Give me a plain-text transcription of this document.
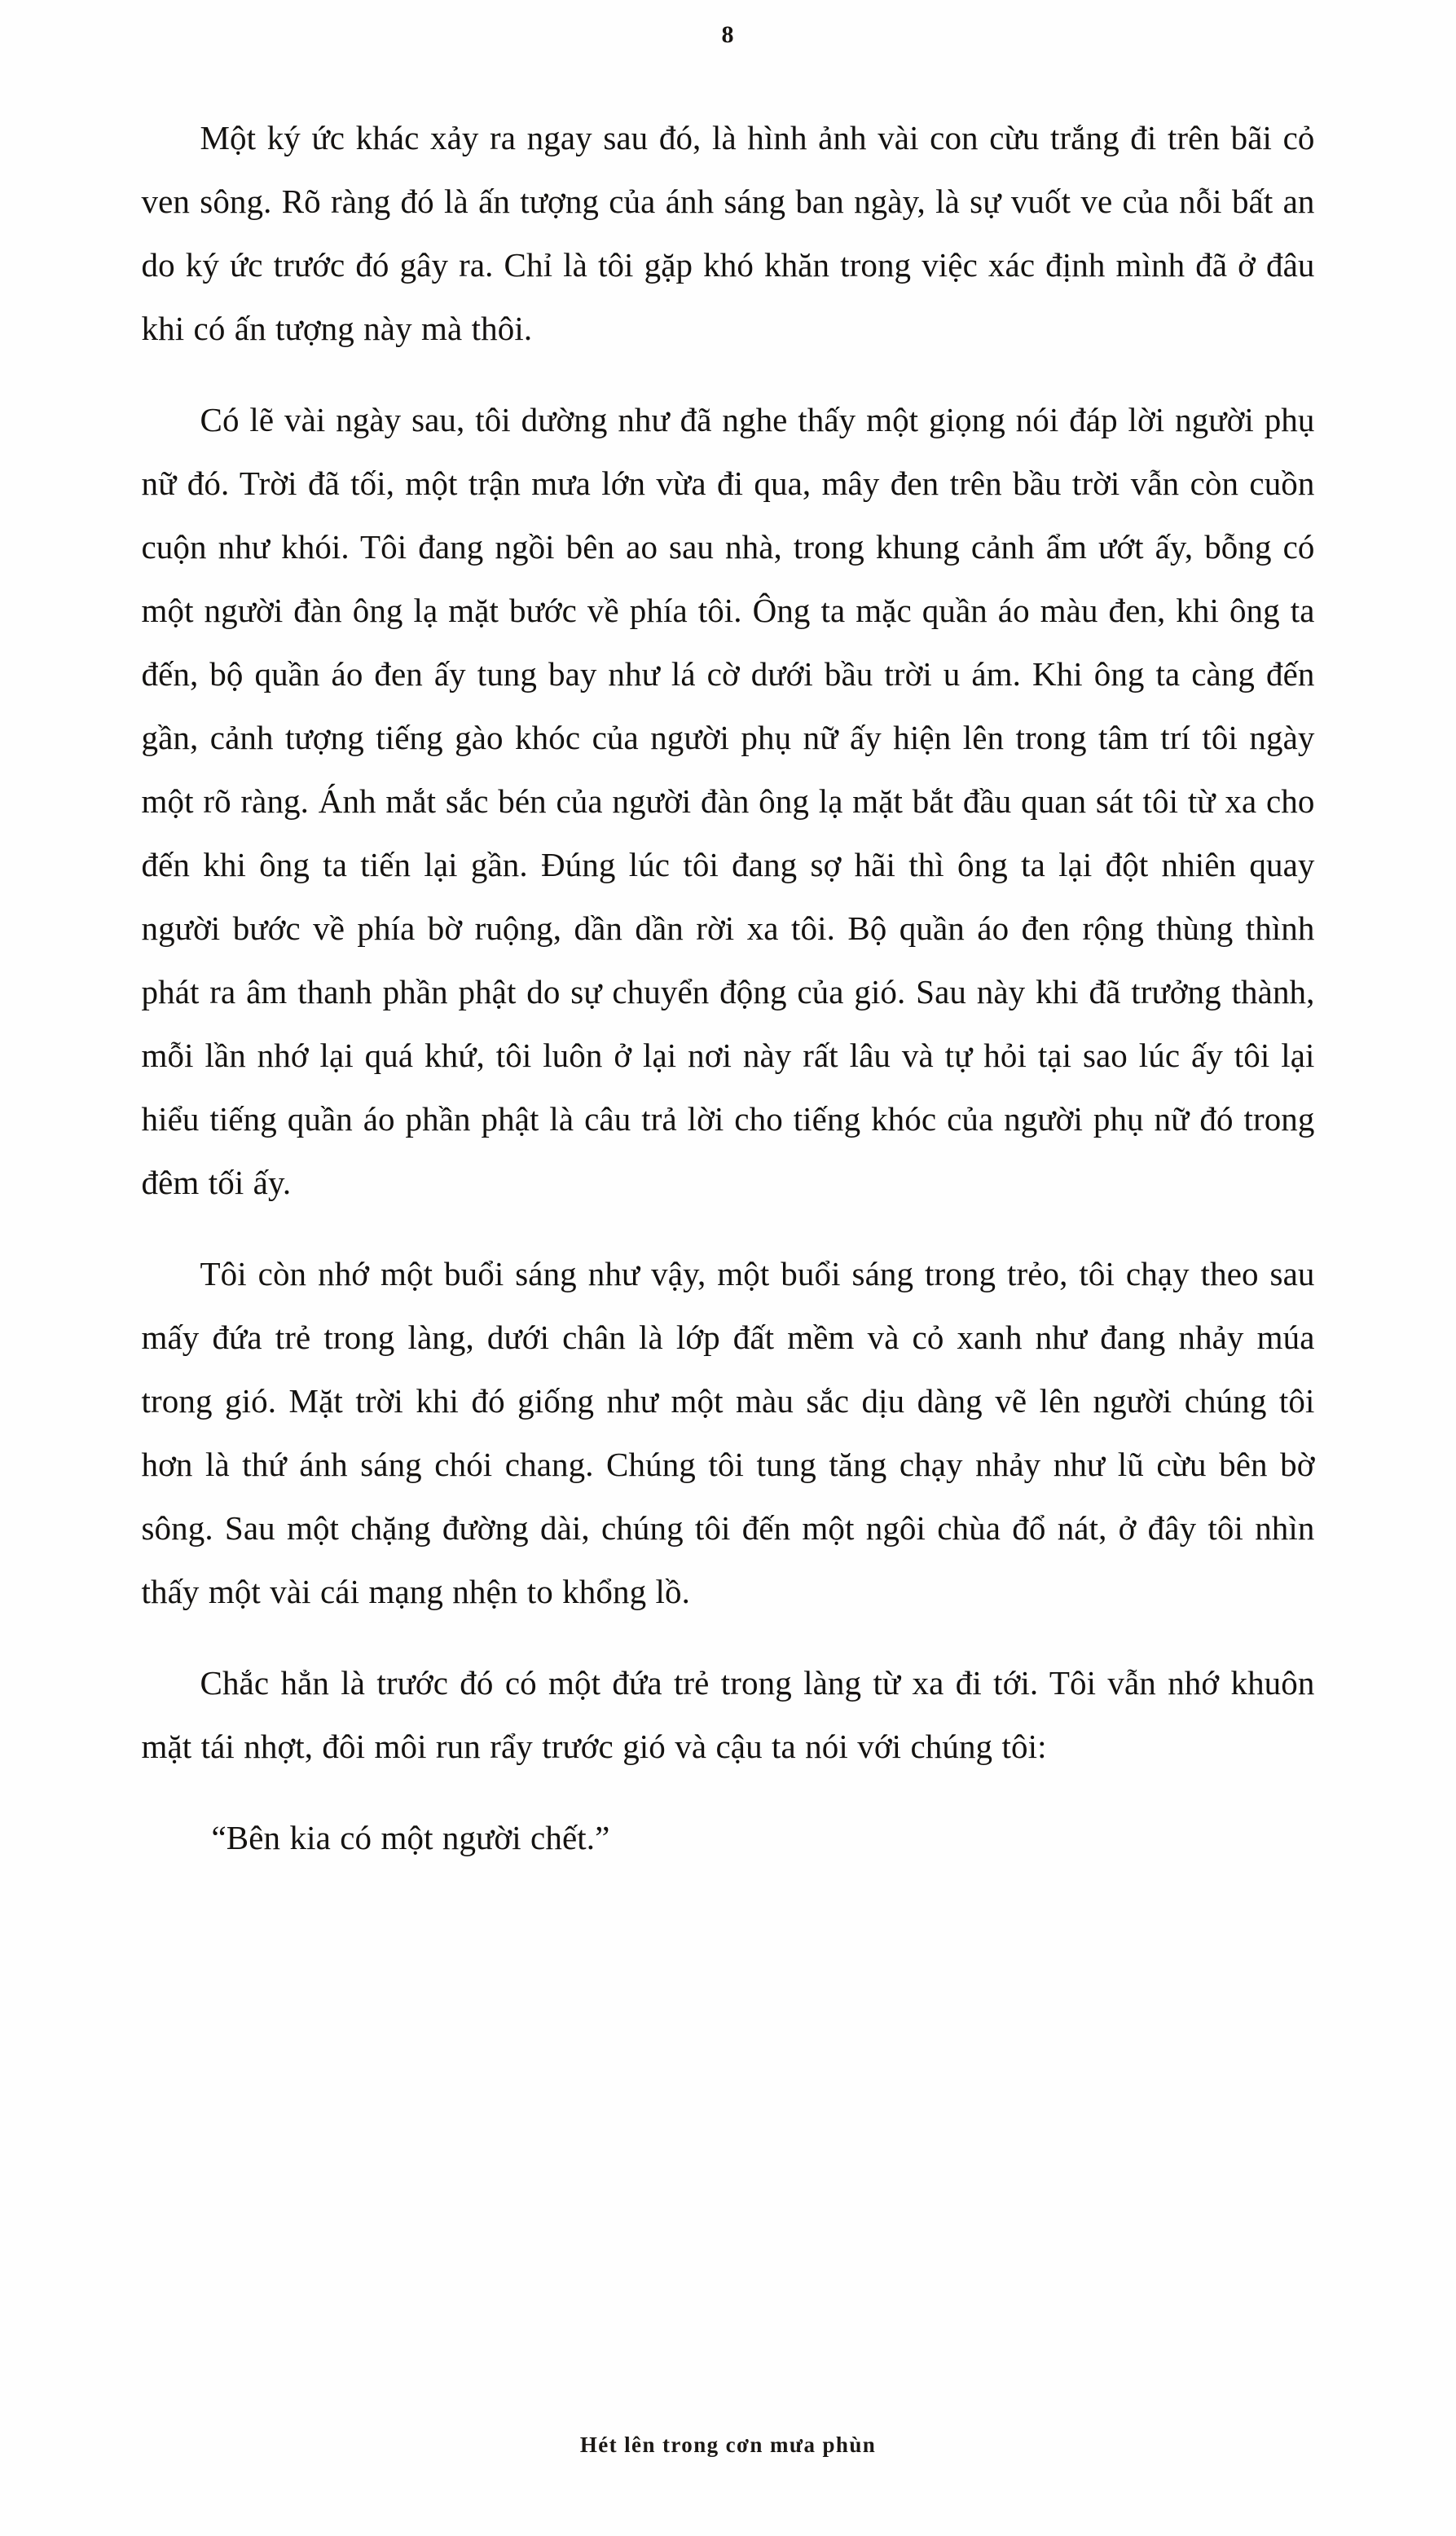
8

Một ký ức khác xảy ra ngay sau đó, là hình ảnh vài con cừu trắng đi trên bãi cỏ ven sông. Rõ ràng đó là ấn tượng của ánh sáng ban ngày, là sự vuốt ve của nỗi bất an do ký ức trước đó gây ra. Chỉ là tôi gặp khó khăn trong việc xác định mình đã ở đâu khi có ấn tượng này mà thôi.

Có lẽ vài ngày sau, tôi dường như đã nghe thấy một giọng nói đáp lời người phụ nữ đó. Trời đã tối, một trận mưa lớn vừa đi qua, mây đen trên bầu trời vẫn còn cuồn cuộn như khói. Tôi đang ngồi bên ao sau nhà, trong khung cảnh ẩm ướt ấy, bỗng có một người đàn ông lạ mặt bước về phía tôi. Ông ta mặc quần áo màu đen, khi ông ta đến, bộ quần áo đen ấy tung bay như lá cờ dưới bầu trời u ám. Khi ông ta càng đến gần, cảnh tượng tiếng gào khóc của người phụ nữ ấy hiện lên trong tâm trí tôi ngày một rõ ràng. Ánh mắt sắc bén của người đàn ông lạ mặt bắt đầu quan sát tôi từ xa cho đến khi ông ta tiến lại gần. Đúng lúc tôi đang sợ hãi thì ông ta lại đột nhiên quay người bước về phía bờ ruộng, dần dần rời xa tôi. Bộ quần áo đen rộng thùng thình phát ra âm thanh phần phật do sự chuyển động của gió. Sau này khi đã trưởng thành, mỗi lần nhớ lại quá khứ, tôi luôn ở lại nơi này rất lâu và tự hỏi tại sao lúc ấy tôi lại hiểu tiếng quần áo phần phật là câu trả lời cho tiếng khóc của người phụ nữ đó trong đêm tối ấy.

Tôi còn nhớ một buổi sáng như vậy, một buổi sáng trong trẻo, tôi chạy theo sau mấy đứa trẻ trong làng, dưới chân là lớp đất mềm và cỏ xanh như đang nhảy múa trong gió. Mặt trời khi đó giống như một màu sắc dịu dàng vẽ lên người chúng tôi hơn là thứ ánh sáng chói chang. Chúng tôi tung tăng chạy nhảy như lũ cừu bên bờ sông. Sau một chặng đường dài, chúng tôi đến một ngôi chùa đổ nát, ở đây tôi nhìn thấy một vài cái mạng nhện to khổng lồ.

Chắc hẳn là trước đó có một đứa trẻ trong làng từ xa đi tới. Tôi vẫn nhớ khuôn mặt tái nhợt, đôi môi run rẩy trước gió và cậu ta nói với chúng tôi:

“Bên kia có một người chết.”

Hét lên trong cơn mưa phùn
